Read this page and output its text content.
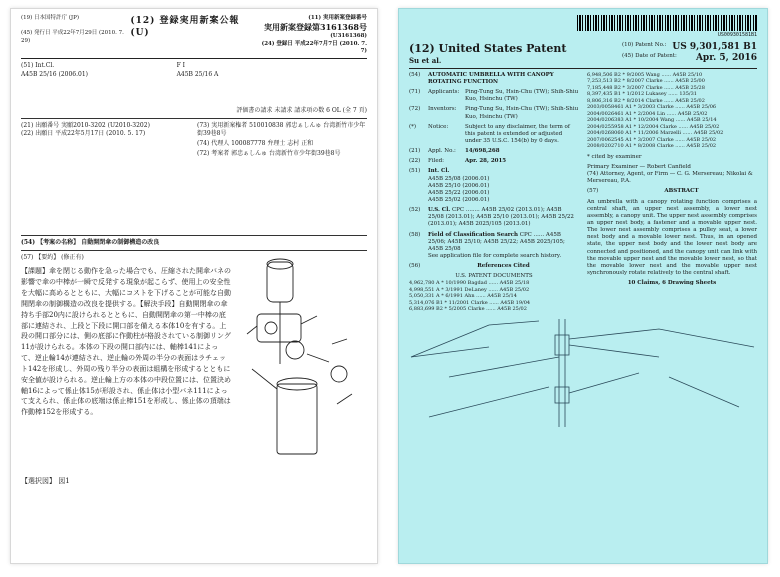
(19) 日本国特許庁 (JP)
(45) 発行日 平成22年7月29日 (2010. 7. 29)
(12) 登録実用新案公報 (U)
(11) 実用新案登録番号
実用新案登録第3161368号
(U3161368)
(24) 登録日 平成22年7月7日 (2010. 7. 7)
(51) Int.Cl.
A45B 25/16 (2006.01)
F I
A45B 25/16 A
評価書の請求 未請求 請求項の数 6 OL (全 7 頁)
(21) 出願番号 実願2010-3202 (U2010-3202)
(22) 出願日 平成22年5月17日 (2010. 5. 17)
(73) 実用新案権者 510010838 郭忠ぁしんゅ 台湾新竹市少年街39巷8号
(74) 代理人 100087778 弁理士 志村 正和
(72) 考案者 郭忠ぁしんゅ 台湾新竹市少年街39巷8号
(54) 【考案の名称】 自動開閉傘の制御構造の改良
(57) 【要約】 (修正有)
【課題】傘を閉じる動作を急った場合でも、圧縮された開傘バネの影響で傘の中棒が一瞬で反発する現象が起こらず、使用上の安全性を大幅に高めるとともに、大幅にコストを下げることが可能な自動開閉傘の制御構造の改良を提供する。【解決手段】自動開閉傘の傘持ち手部20内に設けられるとともに、自動開閉傘の第一中棒の底部に連結され、上段と下段に開口部を備える本体10を有する。上段の開口部分には、側の底部に作動柱が格設されている制御リング11が設けられる。本体の下段の開口部内には、軸棒141によって、逆止輪14が連結され、逆止輪の外周の半分の表面はラチェット142を形成し、外周の残り半分の表面は組構を形成するとともに安全値が設けられる。逆止輪上方の本体の中段位置には、位置決め軸16によって係止体15が形設され、係止体は小型バネ111によって支えられ、係止体の底端は係止棒151を形成し、係止体の頂端は作動棒152を形成する。
【選択図】 図1
US009301581B1
(12) United States Patent
Su et al.
(10) Patent No.: US 9,301,581 B1
(45) Date of Patent: Apr. 5, 2016
(54)	AUTOMATIC UMBRELLA WITH CANOPY ROTATING FUNCTION
(71)	Applicants:	Ping-Tung Su, Hsin-Chu (TW); Shih-Shiu Kuo, Hsinchu (TW)
(72)	Inventors:	Ping-Tung Su, Hsin-Chu (TW); Shih-Shiu Kuo, Hsinchu (TW)
(*)	Notice:	Subject to any disclaimer, the term of this patent is extended or adjusted under 35 U.S.C. 154(b) by 0 days.
(21)	Appl. No.:	14/698,268
(22)	Filed:	Apr. 28, 2015
(51)	Int. Cl.
A45B 25/08 (2006.01)
A45B 25/10 (2006.01)
A45B 25/22 (2006.01)
A45B 25/02 (2006.01)
(52)	U.S. Cl. CPC ........ A45B 25/02 (2013.01); A45B 25/08 (2013.01); A45B 25/10 (2013.01); A45B 25/22 (2013.01); A45B 2025/105 (2013.01)
(58)	Field of Classification Search CPC ...... A45B 25/06; A45B 25/10; A45B 25/22; A45B 2025/105; A45B 25/08
See application file for complete search history.
(56)	References Cited
U.S. PATENT DOCUMENTS
4,962,780 A * 10/1990 Bagdad ...... A45B 25/18
4,998,551 A * 3/1991 DeLaney ...... A45B 25/02
5,050,331 A * 6/1991 Ahn ...... A45B 25/14
5,314,076 B1 * 11/2001 Clarke ...... A45B 19/04
6,883,699 B2 * 5/2005 Clarke ...... A45B 25/02
6,948,506 B2 * 9/2005 Wang ...... A45B 25/10
7,253,513 B2 * 8/2007 Clarke ...... A45B 25/00
7,185,448 B2 * 3/2007 Clarke ...... A45B 25/28
8,397,435 B1 * 1/2012 Lukasey ...... 135/31
8,806,316 B2 * 8/2014 Clarke ...... A45B 25/02
2003/0058461 A1 * 3/2003 Clarke ...... A45B 25/06
2004/0026461 A1 * 2/2004 Lin ...... A45B 25/02
2004/0206383 A1 * 10/2004 Wang ...... A45B 25/14
2004/0255958 A1 * 12/2004 Clarke ...... A45B 25/02
2004/0268060 A1 * 11/2006 Marzelli ...... A45B 25/02
2007/0062545 A1 * 3/2007 Clarke ...... A45B 25/02
2008/0202710 A1 * 8/2008 Clarke ...... A45B 25/02
* cited by examiner
Primary Examiner — Robert Canfield
(74) Attorney, Agent, or Firm — C. G. Mersereau; Nikolai & Mersereau, P.A.
(57)	ABSTRACT
An umbrella with a canopy rotating function comprises a central shaft, an upper nest assembly, a lower nest assembly, a canopy unit. The upper nest assembly comprises an upper nest body, a fastener and a movable upper nest. The lower nest assembly comprises a pulley seat, a lower nest body and a movable lower nest. Thus, in an opened state, the upper nest body and the lower nest body are connected and positioned, and the canopy unit can link with the movable upper nest and the movable lower nest, so that the movable lower nest and the movable upper nest synchronously rotate relatively to the central shaft.
10 Claims, 6 Drawing Sheets
